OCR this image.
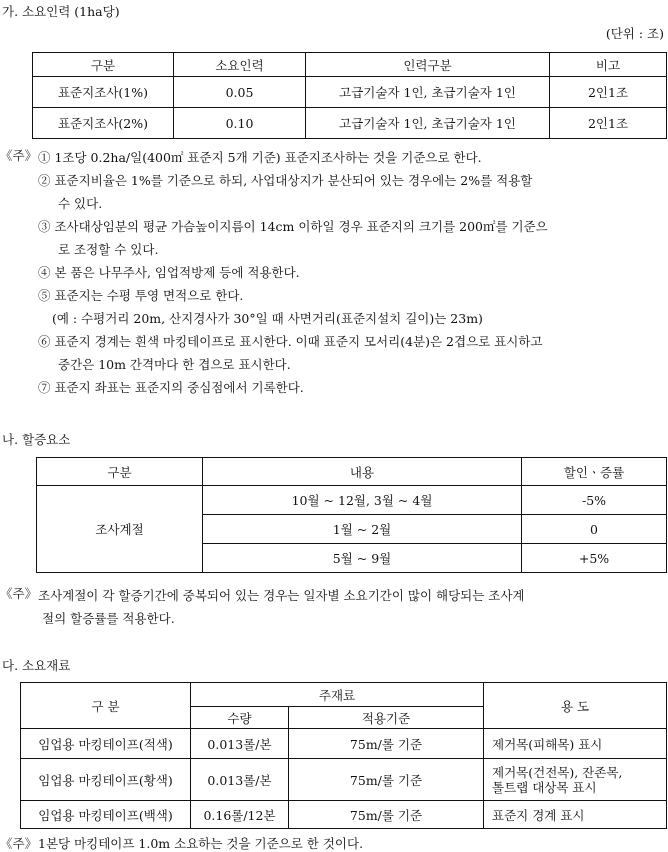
가. 소요인력 (1ha당)
(단위 : 조)
구분	소요인력	인력구분	비고
표준지조사(1%)	0.05	고급기술자 1인, 초급기술자 1인	2인1조
표준지조사(2%)	0.10	고급기술자 1인, 초급기술자 1인	2인1조
《주》 ① 1조당 0.2ha/일(400㎡ 표준지 5개 기준) 표준지조사하는 것을 기준으로 한다.
② 표준지비율은 1%를 기준으로 하되, 사업대상지가 분산되어 있는 경우에는 2%를 적용할
수 있다.
③ 조사대상임분의 평균 가슴높이지름이 14cm 이하일 경우 표준지의 크기를 200㎡를 기준으
로 조정할 수 있다.
④ 본 품은 나무주사, 임업적방제 등에 적용한다.
⑤ 표준지는 수평 투영 면적으로 한다.
(예 : 수평거리 20m, 산지경사가 30°일 때 사면거리(표준지설치 길이)는 23m)
⑥ 표준지 경계는 흰색 마킹테이프로 표시한다. 이때 표준지 모서리(4분)은 2겹으로 표시하고
중간은 10m 간격마다 한 겹으로 표시한다.
⑦ 표준지 좌표는 표준지의 중심점에서 기록한다.
나. 할증요소
구분	내용	할인ㆍ증률
조사계절	10월 ~ 12월, 3월 ~ 4월	-5%
	1월 ~ 2월	0
	5월 ~ 9월	+5%
《주》 조사계절이 각 할증기간에 중복되어 있는 경우는 일자별 소요기간이 많이 해당되는 조사계
절의 할증률를 적용한다.
다. 소요재료
구 분	주재료		용 도
	수량	적용기준	
임업용 마킹테이프(적색)	0.013롤/본	75m/롤 기준	제거목(피해목) 표시
임업용 마킹테이프(황색)	0.013롤/본	75m/롤 기준	제거목(건전목), 잔존목,
톨트랩 대상목 표시
임업용 마킹테이프(백색)	0.16롤/12본	75m/롤 기준	표준지 경계 표시
《주》 1본당 마킹테이프 1.0m 소요하는 것을 기준으로 한 것이다.
